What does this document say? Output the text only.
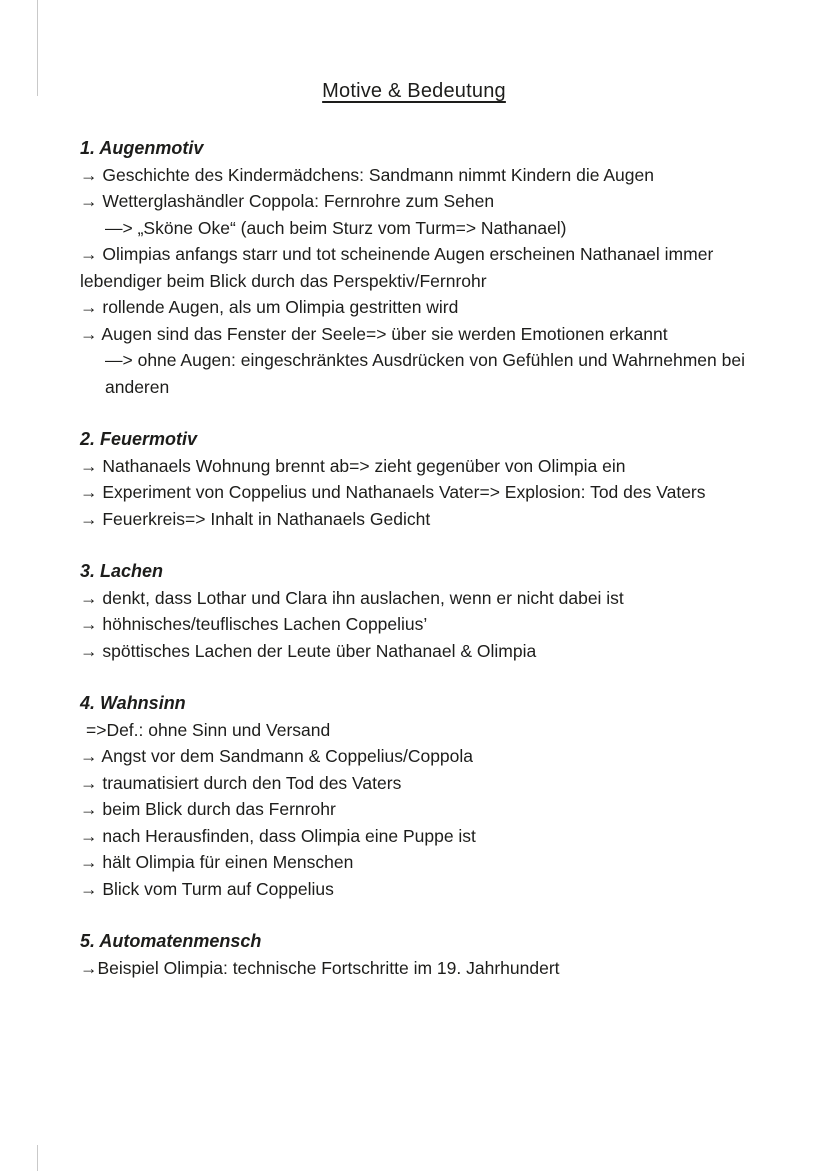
Motive & Bedeutung
1. Augenmotiv

→ Geschichte des Kindermädchens: Sandmann nimmt Kindern die Augen

→ Wetterglashändler Coppola: Fernrohre zum Sehen

—> „Sköne Oke“ (auch beim Sturz vom Turm=> Nathanael)

→ Olimpias anfangs starr und tot scheinende Augen erscheinen Nathanael immer lebendiger beim Blick durch das Perspektiv/Fernrohr

→ rollende Augen, als um Olimpia gestritten wird

→ Augen sind das Fenster der Seele=> über sie werden Emotionen erkannt

—> ohne Augen: eingeschränktes Ausdrücken von Gefühlen und Wahrnehmen bei anderen

2. Feuermotiv

→ Nathanaels Wohnung brennt ab=> zieht gegenüber von Olimpia ein

→ Experiment von Coppelius und Nathanaels Vater=> Explosion: Tod des Vaters

→ Feuerkreis=> Inhalt in Nathanaels Gedicht

3. Lachen

→ denkt, dass Lothar und Clara ihn auslachen, wenn er nicht dabei ist

→ höhnisches/teuflisches Lachen Coppelius’

→ spöttisches Lachen der Leute über Nathanael & Olimpia

4. Wahnsinn

=>Def.: ohne Sinn und Versand

→ Angst vor dem Sandmann & Coppelius/Coppola

→ traumatisiert durch den Tod des Vaters

→ beim Blick durch das Fernrohr

→ nach Herausfinden, dass Olimpia eine Puppe ist

→ hält Olimpia für einen Menschen

→ Blick vom Turm auf Coppelius

5. Automatenmensch

→Beispiel Olimpia: technische Fortschritte im 19. Jahrhundert
